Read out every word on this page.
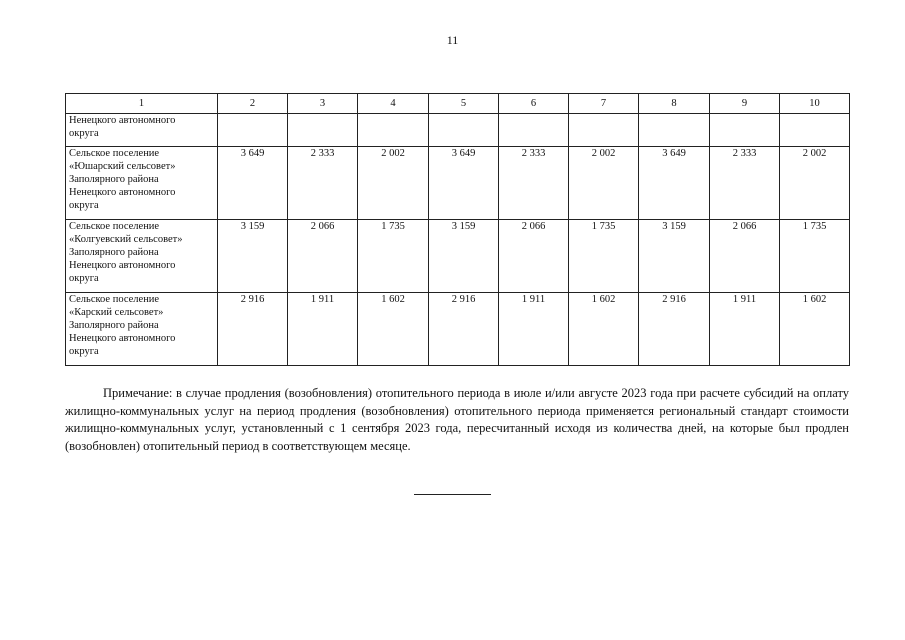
11
1	2	3	4	5	6	7	8	9	10

Ненецкого автономного
округа									

Сельское поселение
«Юшарский сельсовет»
Заполярного района
Ненецкого автономного
округа	3 649	2 333	2 002	3 649	2 333	2 002	3 649	2 333	2 002

Сельское поселение
«Колгуевский сельсовет»
Заполярного района
Ненецкого автономного
округа	3 159	2 066	1 735	3 159	2 066	1 735	3 159	2 066	1 735

Сельское поселение
«Карский сельсовет»
Заполярного района
Ненецкого автономного
округа	2 916	1 911	1 602	2 916	1 911	1 602	2 916	1 911	1 602

Примечание: в случае продления (возобновления) отопительного периода в июле и/или августе 2023 года при расчете субсидий на оплату жилищно-коммунальных услуг на период продления (возобновления) отопительного периода применяется региональный стандарт стоимости жилищно-коммунальных услуг, установленный с 1 сентября 2023 года, пересчитанный исходя из количества дней, на которые был продлен (возобновлен) отопительный период в соответствующем месяце.
